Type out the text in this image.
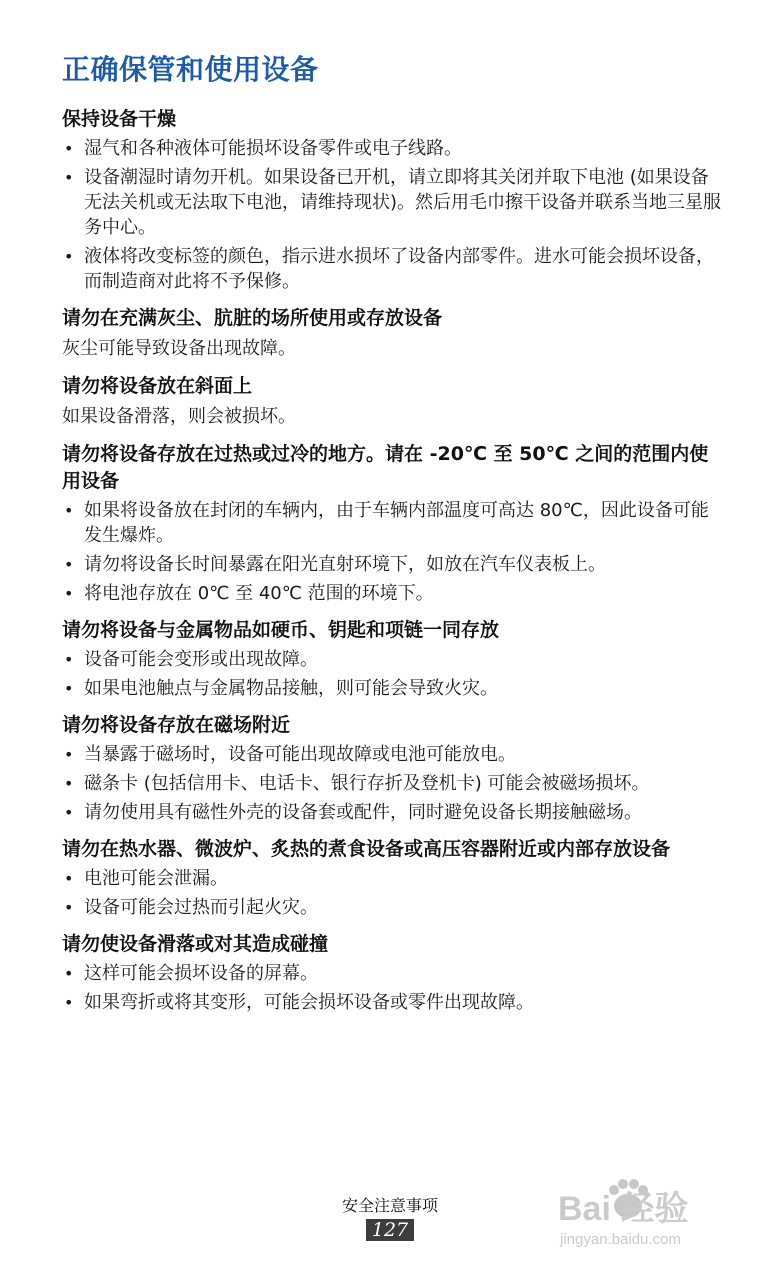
正确保管和使用设备
保持设备干燥
• 湿气和各种液体可能损坏设备零件或电子线路。
• 设备潮湿时请勿开机。如果设备已开机，请立即将其关闭并取下电池 (如果设备无法关机或无法取下电池，请维持现状)。然后用毛巾擦干设备并联系当地三星服务中心。
• 液体将改变标签的颜色，指示进水损坏了设备内部零件。进水可能会损坏设备，而制造商对此将不予保修。
请勿在充满灰尘、肮脏的场所使用或存放设备

灰尘可能导致设备出现故障。

请勿将设备放在斜面上

如果设备滑落，则会被损坏。

请勿将设备存放在过热或过冷的地方。请在 -20℃ 至 50℃ 之间的范围内使用设备
• 如果将设备放在封闭的车辆内，由于车辆内部温度可高达 80℃，因此设备可能发生爆炸。
• 请勿将设备长时间暴露在阳光直射环境下，如放在汽车仪表板上。
• 将电池存放在 0℃ 至 40℃ 范围的环境下。
请勿将设备与金属物品如硬币、钥匙和项链一同存放
• 设备可能会变形或出现故障。
• 如果电池触点与金属物品接触，则可能会导致火灾。
请勿将设备存放在磁场附近
• 当暴露于磁场时，设备可能出现故障或电池可能放电。
• 磁条卡 (包括信用卡、电话卡、银行存折及登机卡) 可能会被磁场损坏。
• 请勿使用具有磁性外壳的设备套或配件，同时避免设备长期接触磁场。
请勿在热水器、微波炉、炙热的煮食设备或高压容器附近或内部存放设备
• 电池可能会泄漏。
• 设备可能会过热而引起火灾。
请勿使设备滑落或对其造成碰撞
• 这样可能会损坏设备的屏幕。
• 如果弯折或将其变形，可能会损坏设备或零件出现故障。
安全注意事项
127
Bai 经验
jingyan.baidu.com
